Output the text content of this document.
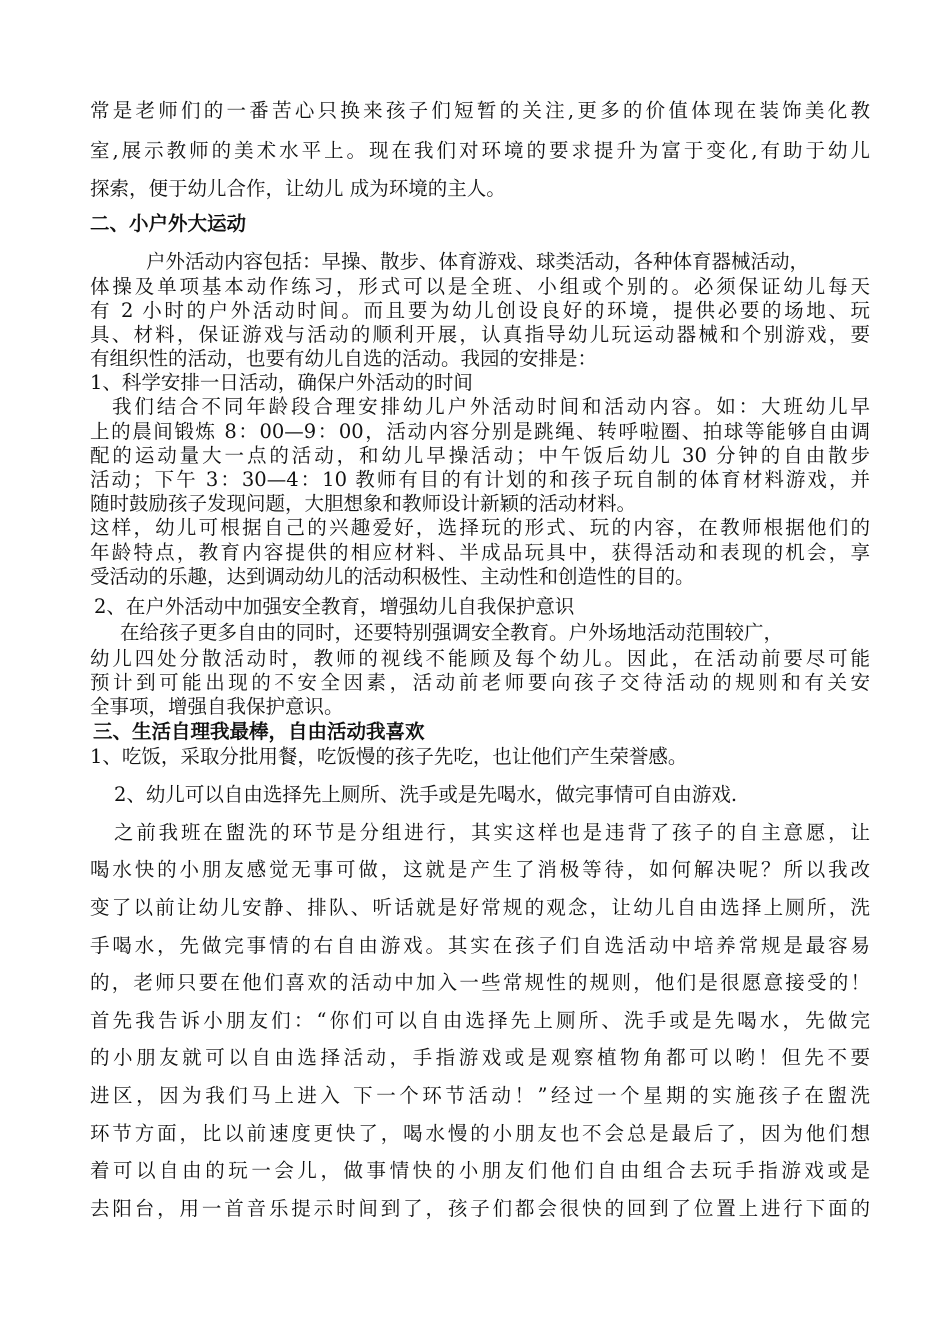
常是老师们的一番苦心只换来孩子们短暂的关注,更多的价值体现在装饰美化教
室,展示教师的美术水平上。现在我们对环境的要求提升为富于变化,有助于幼儿
探索，便于幼儿合作，让幼儿 成为环境的主人。
二、小户外大运动
户外活动内容包括：早操、散步、体育游戏、球类活动，各种体育器械活动，
体操及单项基本动作练习，形式可以是全班、小组或个别的。必须保证幼儿每天
有 2 小时的户外活动时间。而且要为幼儿创设良好的环境，提供必要的场地、玩
具、材料，保证游戏与活动的顺利开展，认真指导幼儿玩运动器械和个别游戏，要
有组织性的活动，也要有幼儿自选的活动。我园的安排是：
1、科学安排一日活动，确保户外活动的时间
我们结合不同年龄段合理安排幼儿户外活动时间和活动内容。如：大班幼儿早
上的晨间锻炼 8：00—9：00，活动内容分别是跳绳、转呼啦圈、拍球等能够自由调
配的运动量大一点的活动，和幼儿早操活动；中午饭后幼儿 30 分钟的自由散步
活动；下午 3：30—4：10 教师有目的有计划的和孩子玩自制的体育材料游戏，并
随时鼓励孩子发现问题，大胆想象和教师设计新颖的活动材料。
这样，幼儿可根据自己的兴趣爱好，选择玩的形式、玩的内容，在教师根据他们的
年龄特点，教育内容提供的相应材料、半成品玩具中，获得活动和表现的机会，享
受活动的乐趣，达到调动幼儿的活动积极性、主动性和创造性的目的。
2、在户外活动中加强安全教育，增强幼儿自我保护意识
在给孩子更多自由的同时，还要特别强调安全教育。户外场地活动范围较广，
幼儿四处分散活动时，教师的视线不能顾及每个幼儿。因此，在活动前要尽可能
预计到可能出现的不安全因素，活动前老师要向孩子交待活动的规则和有关安
全事项，增强自我保护意识。
三、生活自理我最棒，自由活动我喜欢
1、吃饭，采取分批用餐，吃饭慢的孩子先吃，也让他们产生荣誉感。
2、幼儿可以自由选择先上厕所、洗手或是先喝水，做完事情可自由游戏.
之前我班在盥洗的环节是分组进行，其实这样也是违背了孩子的自主意愿，让
喝水快的小朋友感觉无事可做，这就是产生了消极等待，如何解决呢？所以我改
变了以前让幼儿安静、排队、听话就是好常规的观念，让幼儿自由选择上厕所，洗
手喝水，先做完事情的右自由游戏。其实在孩子们自选活动中培养常规是最容易
的，老师只要在他们喜欢的活动中加入一些常规性的规则，他们是很愿意接受的！
首先我告诉小朋友们：“你们可以自由选择先上厕所、洗手或是先喝水，先做完
的小朋友就可以自由选择活动，手指游戏或是观察植物角都可以哟！但先不要
进区，因为我们马上进入 下一个环节活动！”经过一个星期的实施孩子在盥洗
环节方面，比以前速度更快了，喝水慢的小朋友也不会总是最后了，因为他们想
着可以自由的玩一会儿，做事情快的小朋友们他们自由组合去玩手指游戏或是
去阳台，用一首音乐提示时间到了，孩子们都会很快的回到了位置上进行下面的
